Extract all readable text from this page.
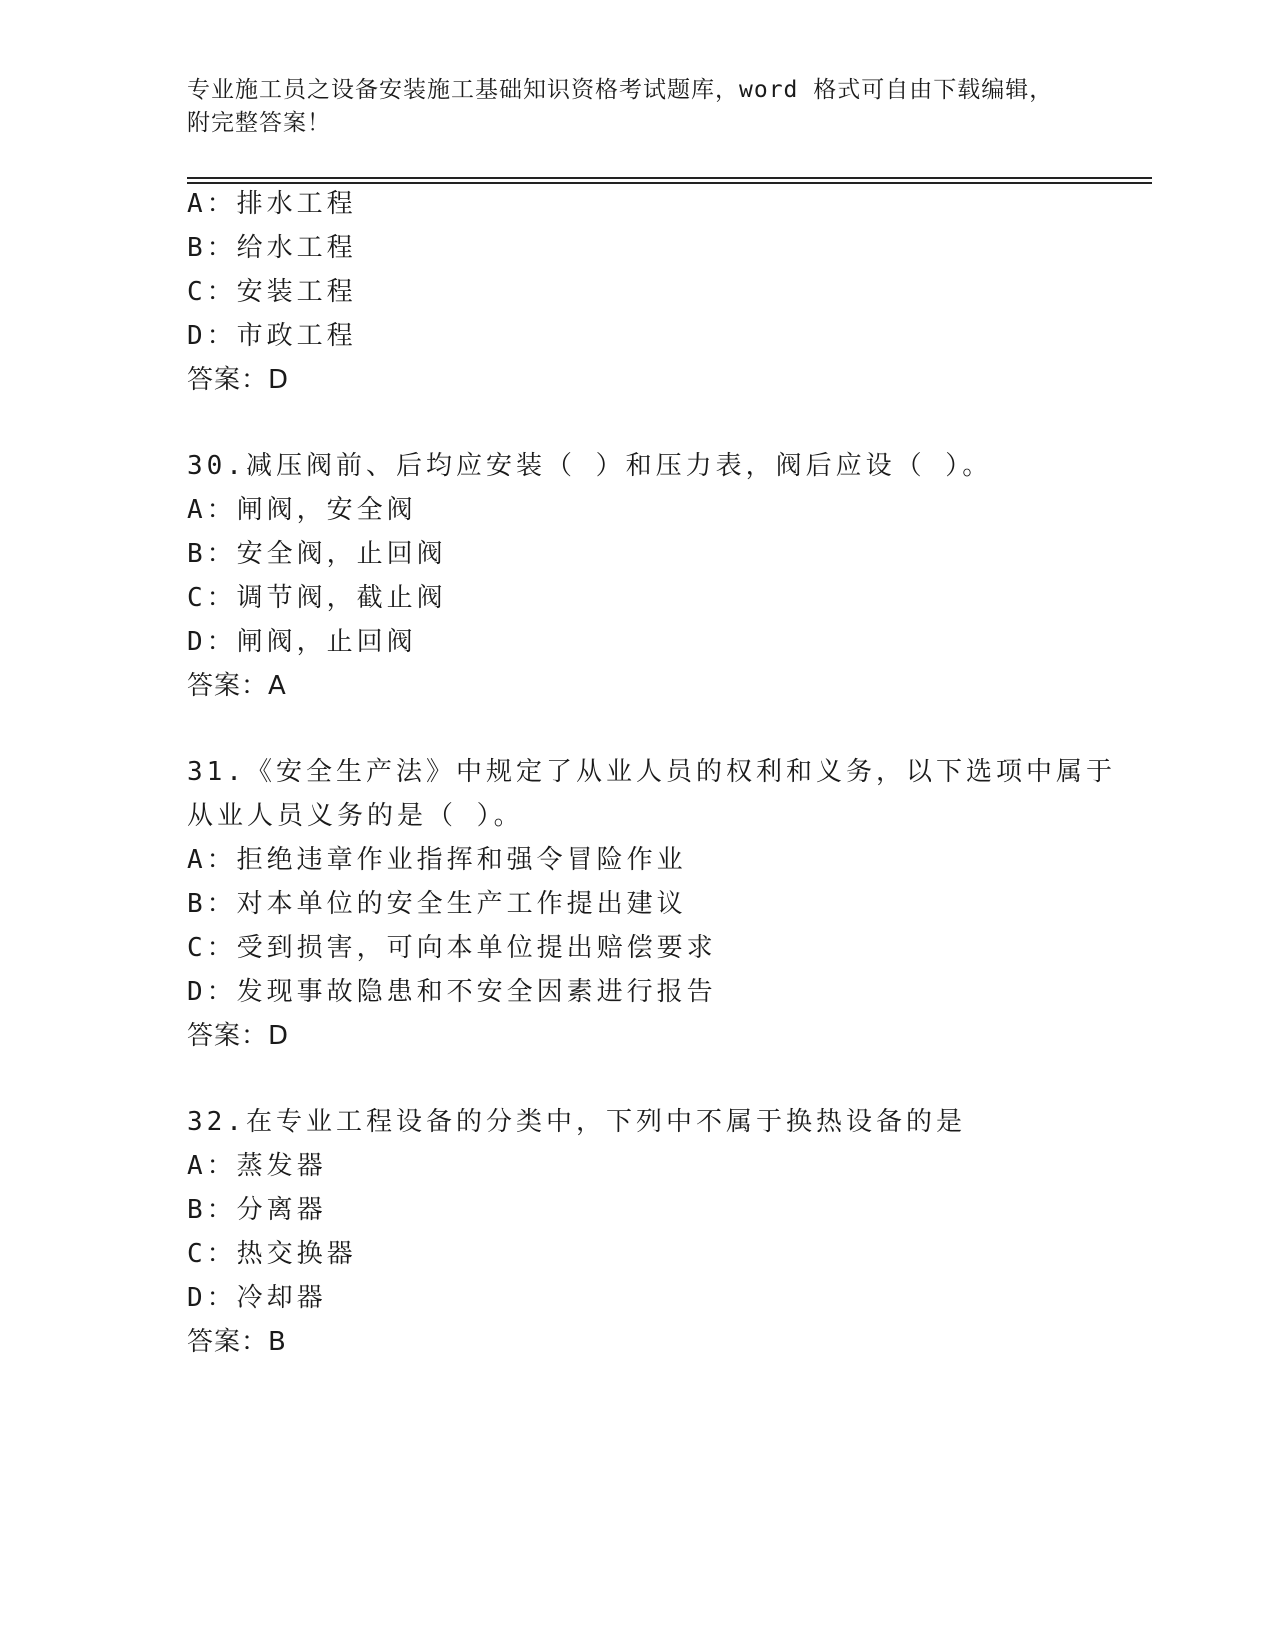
专业施工员之设备安装施工基础知识资格考试题库，word 格式可自由下载编辑，附完整答案！
A：排水工程
B：给水工程
C：安装工程
D：市政工程
答案：D
30.减压阀前、后均应安装（ ）和压力表，阀后应设（ ）。
A：闸阀，安全阀
B：安全阀，止回阀
C：调节阀，截止阀
D：闸阀，止回阀
答案：A
31.《安全生产法》中规定了从业人员的权利和义务，以下选项中属于
从业人员义务的是（ ）。
A：拒绝违章作业指挥和强令冒险作业
B：对本单位的安全生产工作提出建议
C：受到损害，可向本单位提出赔偿要求
D：发现事故隐患和不安全因素进行报告
答案：D
32.在专业工程设备的分类中，下列中不属于换热设备的是
A：蒸发器
B：分离器
C：热交换器
D：冷却器
答案：B
